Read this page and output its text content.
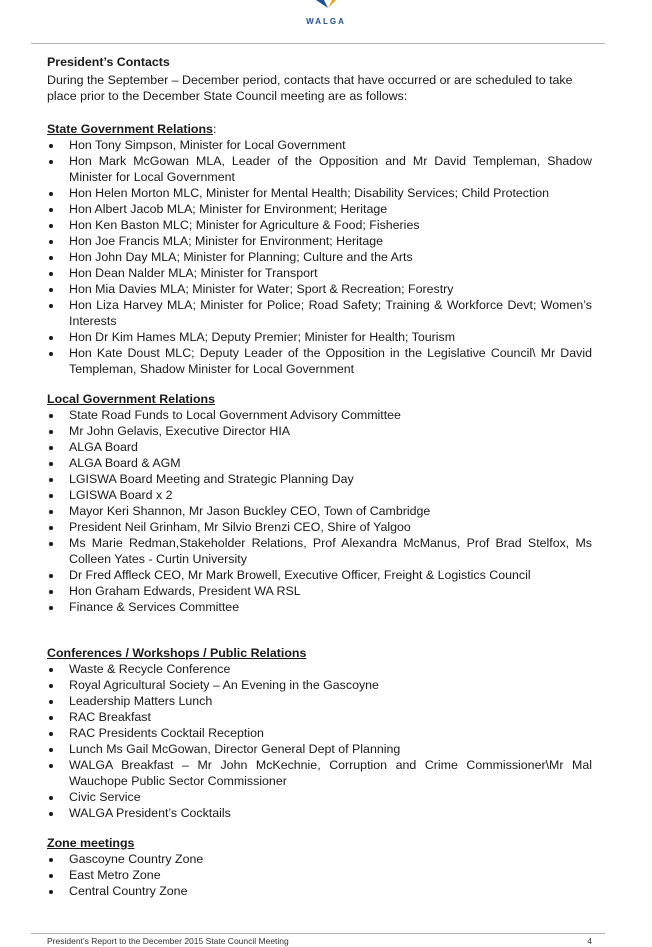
WALGA

President’s Contacts

During the September – December period, contacts that have occurred or are scheduled to take place prior to the December State Council meeting are as follows:

State Government Relations:

Hon Tony Simpson, Minister for Local Government
Hon Mark McGowan MLA, Leader of the Opposition and Mr David Templeman, Shadow Minister for Local Government
Hon Helen Morton MLC, Minister for Mental Health; Disability Services; Child Protection
Hon Albert Jacob MLA; Minister for Environment; Heritage
Hon Ken Baston MLC; Minister for Agriculture & Food; Fisheries
Hon Joe Francis MLA; Minister for Environment; Heritage
Hon John Day MLA; Minister for Planning; Culture and the Arts
Hon Dean Nalder MLA; Minister for Transport
Hon Mia Davies MLA; Minister for Water; Sport & Recreation; Forestry
Hon Liza Harvey MLA; Minister for Police; Road Safety; Training & Workforce Devt; Women’s Interests
Hon Dr Kim Hames MLA; Deputy Premier; Minister for Health; Tourism
Hon Kate Doust MLC; Deputy Leader of the Opposition in the Legislative Council\ Mr David Templeman, Shadow Minister for Local Government

Local Government Relations

State Road Funds to Local Government Advisory Committee
Mr John Gelavis, Executive Director HIA
ALGA Board
ALGA Board & AGM
LGISWA Board Meeting and Strategic Planning Day
LGISWA Board x 2
Mayor Keri Shannon, Mr Jason Buckley CEO, Town of Cambridge
President Neil Grinham, Mr Silvio Brenzi CEO, Shire of Yalgoo
Ms Marie Redman,Stakeholder Relations, Prof Alexandra McManus, Prof Brad Stelfox, Ms Colleen Yates - Curtin University
Dr Fred Affleck CEO, Mr Mark Browell, Executive Officer, Freight & Logistics Council
Hon Graham Edwards, President WA RSL
Finance & Services Committee

Conferences / Workshops / Public Relations

Waste & Recycle Conference
Royal Agricultural Society – An Evening in the Gascoyne
Leadership Matters Lunch
RAC Breakfast
RAC Presidents Cocktail Reception
Lunch Ms Gail McGowan, Director General Dept of Planning
WALGA Breakfast – Mr John McKechnie, Corruption and Crime Commissioner\Mr Mal Wauchope Public Sector Commissioner
Civic Service
WALGA President’s Cocktails

Zone meetings

Gascoyne Country Zone
East Metro Zone
Central Country Zone
President’s Report to the December 2015 State Council Meeting	4
